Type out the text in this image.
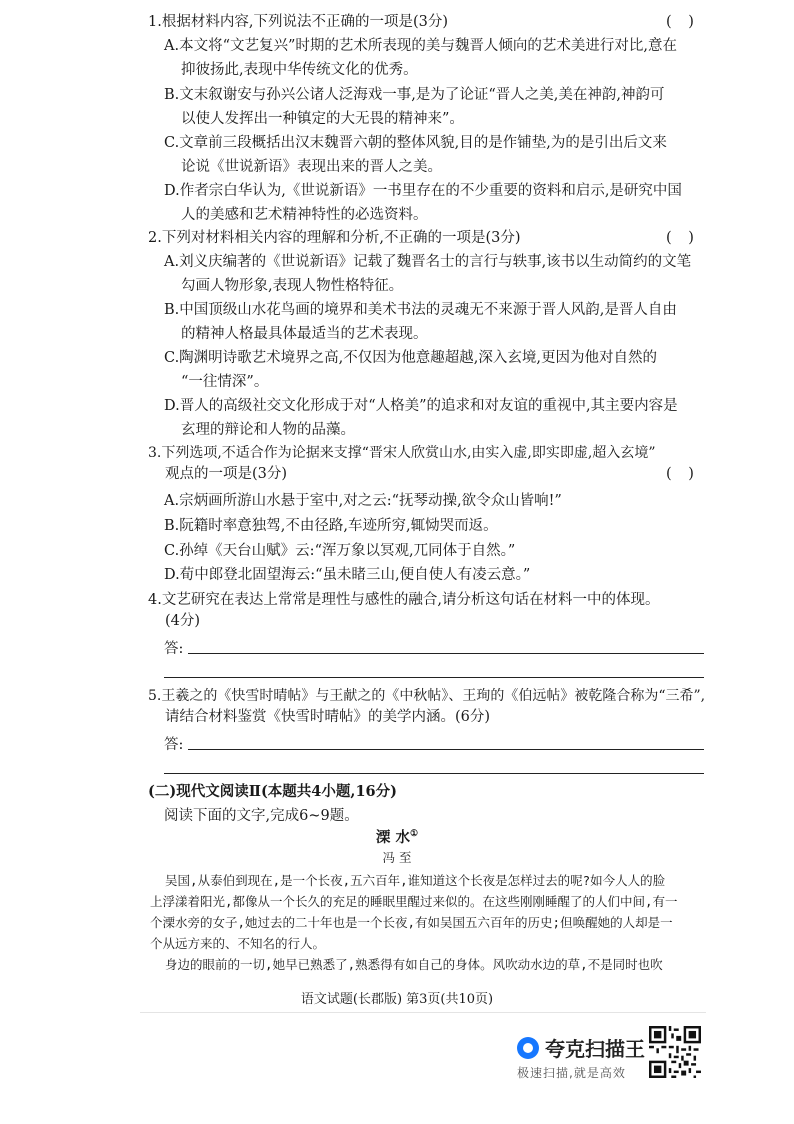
1.根据材料内容,下列说法不正确的一项是(3分)	( )
A.本文将“文艺复兴”时期的艺术所表现的美与魏晋人倾向的艺术美进行对比,意在
抑彼扬此,表现中华传统文化的优秀。
B.文末叙谢安与孙兴公诸人泛海戏一事,是为了论证“晋人之美,美在神韵,神韵可
以使人发挥出一种镇定的大无畏的精神来”。
C.文章前三段概括出汉末魏晋六朝的整体风貌,目的是作铺垫,为的是引出后文来
论说《世说新语》表现出来的晋人之美。
D.作者宗白华认为,《世说新语》一书里存在的不少重要的资料和启示,是研究中国
人的美感和艺术精神特性的必选资料。
2.下列对材料相关内容的理解和分析,不正确的一项是(3分)	( )
A.刘义庆编著的《世说新语》记载了魏晋名士的言行与轶事,该书以生动简约的文笔
勾画人物形象,表现人物性格特征。
B.中国顶级山水花鸟画的境界和美术书法的灵魂无不来源于晋人风韵,是晋人自由
的精神人格最具体最适当的艺术表现。
C.陶渊明诗歌艺术境界之高,不仅因为他意趣超越,深入玄境,更因为他对自然的
“一往情深”。
D.晋人的高级社交文化形成于对“人格美”的追求和对友谊的重视中,其主要内容是
玄理的辩论和人物的品藻。
3.下列选项,不适合作为论据来支撑“晋宋人欣赏山水,由实入虚,即实即虚,超入玄境”
观点的一项是(3分)	( )
A.宗炳画所游山水悬于室中,对之云:“抚琴动操,欲令众山皆响!”
B.阮籍时率意独驾,不由径路,车迹所穷,辄恸哭而返。
C.孙绰《天台山赋》云:“浑万象以冥观,兀同体于自然。”
D.荀中郎登北固望海云:“虽未睹三山,便自使人有凌云意。”
4.文艺研究在表达上常常是理性与感性的融合,请分析这句话在材料一中的体现。
(4分)
答:
5.王羲之的《快雪时晴帖》与王献之的《中秋帖》、王珣的《伯远帖》被乾隆合称为“三希”,
请结合材料鉴赏《快雪时晴帖》的美学内涵。(6分)
答:
(二)现代文阅读Ⅱ(本题共4小题,16分)
阅读下面的文字,完成6~9题。
溧 水①
冯 至
吴国,从泰伯到现在,是一个长夜,五六百年,谁知道这个长夜是怎样过去的呢?如今人人的脸
上浮漾着阳光,都像从一个长久的充足的睡眠里醒过来似的。在这些刚刚睡醒了的人们中间,有一
个溧水旁的女子,她过去的二十年也是一个长夜,有如吴国五六百年的历史;但唤醒她的人却是一
个从远方来的、不知名的行人。
身边的眼前的一切,她早已熟悉了,熟悉得有如自己的身体。风吹动水边的草,不是同时也吹
语文试题(长郡版) 第3页(共10页)
夸克扫描王
极速扫描,就是高效
